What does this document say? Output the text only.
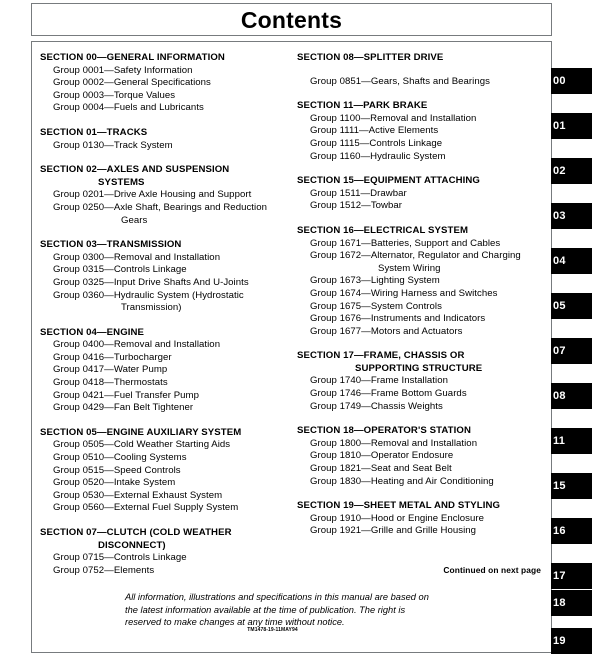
Contents
SECTION 00—GENERAL INFORMATION
Group 0001—Safety Information
Group 0002—General Specifications
Group 0003—Torque Values
Group 0004—Fuels and Lubricants
SECTION 01—TRACKS
Group 0130—Track System
SECTION 02—AXLES AND SUSPENSION
SYSTEMS
Group 0201—Drive Axle Housing and Support
Group 0250—Axle Shaft, Bearings and Reduction
Gears
SECTION 03—TRANSMISSION
Group 0300—Removal and Installation
Group 0315—Controls Linkage
Group 0325—Input Drive Shafts And U-Joints
Group 0360—Hydraulic System (Hydrostatic
Transmission)
SECTION 04—ENGINE
Group 0400—Removal and Installation
Group 0416—Turbocharger
Group 0417—Water Pump
Group 0418—Thermostats
Group 0421—Fuel Transfer Pump
Group 0429—Fan Belt Tightener
SECTION 05—ENGINE AUXILIARY SYSTEM
Group 0505—Cold Weather Starting Aids
Group 0510—Cooling Systems
Group 0515—Speed Controls
Group 0520—Intake System
Group 0530—External Exhaust System
Group 0560—External Fuel Supply System
SECTION 07—CLUTCH (COLD WEATHER
DISCONNECT)
Group 0715—Controls Linkage
Group 0752—Elements
SECTION 08—SPLITTER DRIVE
Group 0851—Gears, Shafts and Bearings
SECTION 11—PARK BRAKE
Group 1100—Removal and Installation
Group 1111—Active Elements
Group 1115—Controls Linkage
Group 1160—Hydraulic System
SECTION 15—EQUIPMENT ATTACHING
Group 1511—Drawbar
Group 1512—Towbar
SECTION 16—ELECTRICAL SYSTEM
Group 1671—Batteries, Support and Cables
Group 1672—Alternator, Regulator and Charging
System Wiring
Group 1673—Lighting System
Group 1674—Wiring Harness and Switches
Group 1675—System Controls
Group 1676—Instruments and Indicators
Group 1677—Motors and Actuators
SECTION 17—FRAME, CHASSIS OR
SUPPORTING STRUCTURE
Group 1740—Frame Installation
Group 1746—Frame Bottom Guards
Group 1749—Chassis Weights
SECTION 18—OPERATOR'S STATION
Group 1800—Removal and Installation
Group 1810—Operator Endosure
Group 1821—Seat and Seat Belt
Group 1830—Heating and Air Conditioning
SECTION 19—SHEET METAL AND STYLING
Group 1910—Hood or Engine Enclosure
Group 1921—Grille and Grille Housing
Continued on next page
All information, illustrations and specifications in this manual are based on
the latest information available at the time of publication. The right is
reserved to make changes at any time without notice.
TM1478-19-11MAY94
00
01
02
03
04
05
07
08
11
15
16
17
18
19
